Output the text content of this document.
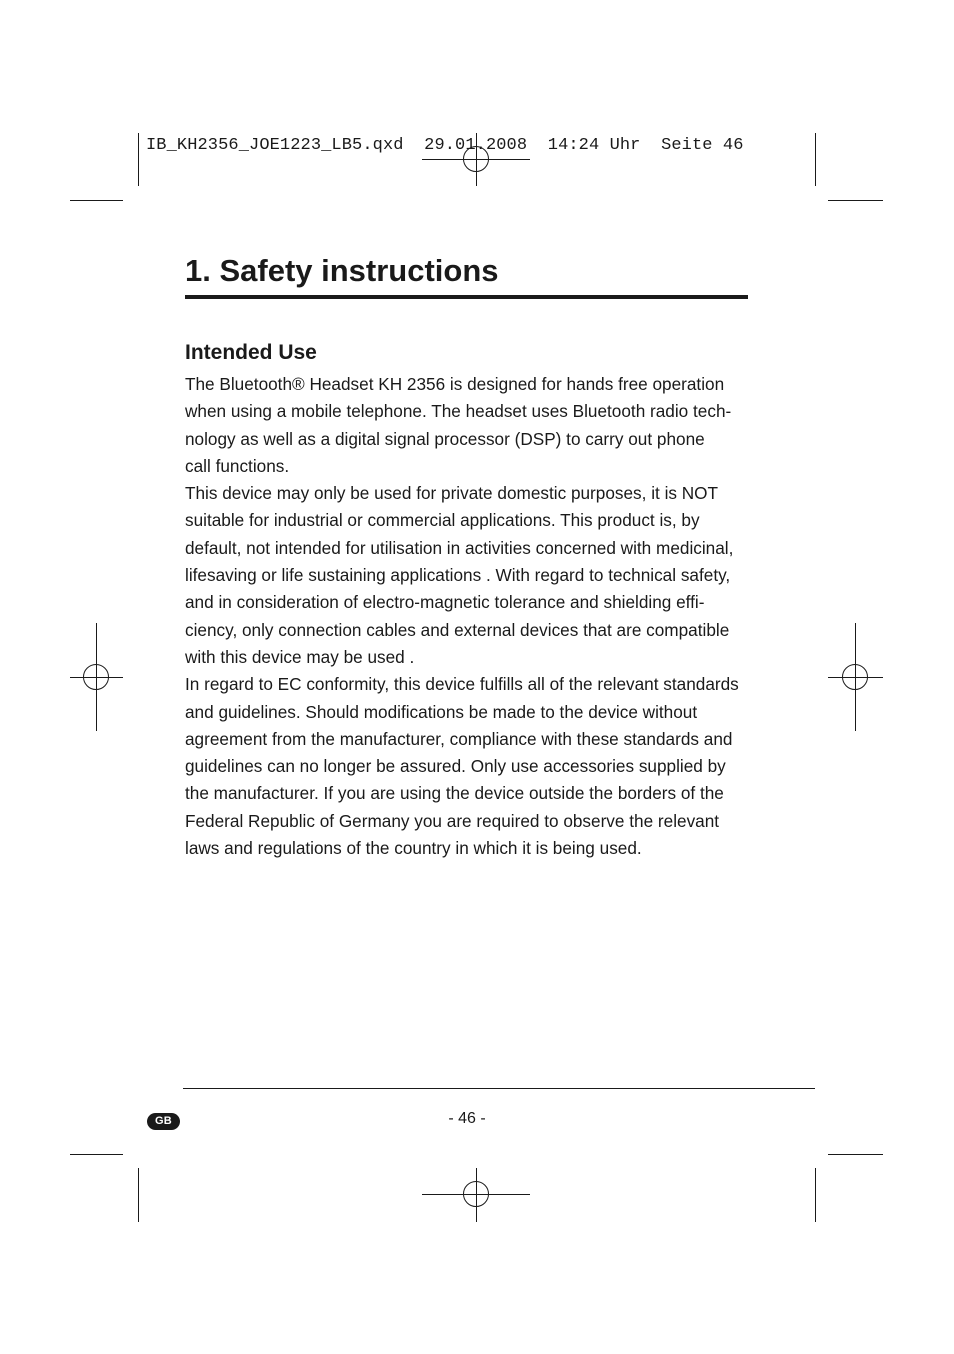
IB_KH2356_JOE1223_LB5.qxd  29.01.2008  14:24 Uhr  Seite 46
1. Safety instructions
Intended Use

The Bluetooth® Headset KH 2356 is designed for hands free operation
when using a mobile telephone. The headset uses Bluetooth radio tech-
nology as well as a digital signal processor (DSP) to carry out phone
call functions.

This device may only be used for private domestic purposes, it is NOT
suitable for industrial or commercial applications. This product is, by
default, not intended for utilisation in activities concerned with medicinal,
lifesaving or life sustaining applications . With regard to technical safety,
and in consideration of electro-magnetic tolerance and shielding effi-
ciency, only connection cables and external devices that are compatible
with this device may be used .

In regard to EC conformity, this device fulfills all of the relevant standards
and guidelines. Should modifications be made to the device without
agreement from the manufacturer, compliance with these standards and
guidelines can no longer be assured. Only use accessories supplied by
the manufacturer. If you are using the device outside the borders of the
Federal Republic of Germany you are required to observe the relevant
laws and regulations of the country in which it is being used.

GB	- 46 -
